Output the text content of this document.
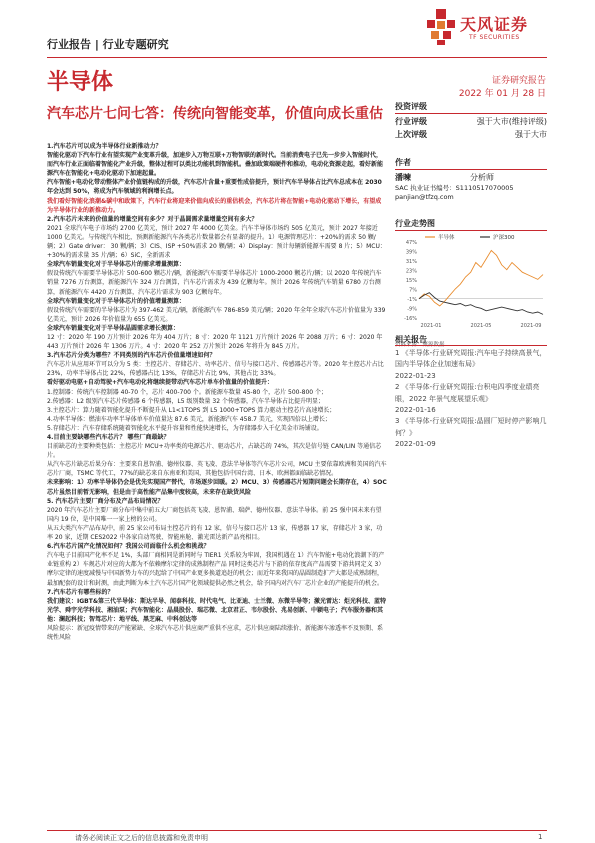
行业报告 | 行业专题研究
天风证券
TF SECURITIES
半导体	证券研究报告
2022 年 01 月 28 日
汽车芯片七问七答：传统向智能变革，价值向成长重估

1.汽车芯片可以成为半导体行业新推动力？

智能化驱动下汽车行业有望实现产业变革升级，加速步入万物互联+万物智联的新时代。当前消费电子已先一步步入智能时代，而汽车行业正面临着智能化产业升级，整体过程可以类比功能机到智能机。叠加政策端硬件和推动，电动化资源走起，看好新能源汽车在智能化+电动化驱动下加速起量。

汽车智能+电动化带动整体产业价值链构成的升级，汽车芯片含量+重要性成倍提升，预计汽车半导体占比汽车总成本在 2030 年会达到 50%，将成为汽车领域的利润增长点。

我们看好智能化浪潮&碳中和政策下，汽车行业将迎来价值向成长的重估机会，汽车芯片将在智能+电动化驱动下增长，有望成为半导体行业的新推动力。

2.汽车芯片未来的价值量的增量空间有多少？对于晶圆需求量增量空间有多大？

2021 全球汽车电子市场约 2700 亿美元，预计 2027 年 4000 亿美金。汽车半导体市场约 505 亿美元，预计 2027 年接近 1000 亿美元。与传统汽车相比，预测新能源汽车各类芯片数量都会有显著的提升。1）电源管理芯片：+20%的需求 50 颗/辆；2）Gate driver： 30 颗/辆；3）CIS、ISP +50%需求 20 颗/辆；4）Display：预计每辆新能源车需要 8 片；5）MCU：+30%的需求量 35 片/辆；6）SiC，全新需求

全球汽车销量变化对于半导体芯片的需求增量测算：

假设传统汽车需要半导体芯片 500-600 颗芯片/辆，新能源汽车需要半导体芯片 1000-2000 颗芯片/辆；以 2020 年传统汽车销量 7276 万台测算，新能源汽车 324 万台测算，汽车芯片需求为 439 亿颗每年。预计 2026 年传统汽车销量 6780 万台测算，新能源汽车 4420 万台测算，汽车芯片需求为 903 亿颗每年。

全球汽车销量变化对于半导体芯片的价值增量测算：

假设传统汽车需要的半导体芯片为 397-462 美元/辆，新能源汽车 786-859 美元/辆；2020 年全年全球汽车芯片价值量为 339 亿美元，预计 2026 年价值量为 655 亿美元。

全球汽车销量变化对于半导体晶圆需求增长测算：

12 寸：2020 年 190 万片预计 2026 年为 404 万片；8 寸：2020 年 1121 万片预计 2026 年 2088 万片；6 寸：2020 年 443 万片预计 2026 年 1306 万片。4 寸：2020 年 252 万片预计 2026 年将升为 845 万片。

3.汽车芯片分类为哪些？不同类别的汽车芯片价值量增速如何？

汽车芯片从应用环节可以分为 5 类：主控芯片、存储芯片、功率芯片、信号与接口芯片、传感器芯片等。2020 年主控芯片占比 23%，功率半导体占比 22%，传感器占比 13%，存储芯片占比 9%，其他占比 33%。

看好驱动电驱+自动驾驶+汽车电动化将继续提带动汽车芯片单车价值量的价值提升：

1.控制器：传统汽车控制器 40-70 个，芯片 400-700 个。新能源车数量 45-80 个，芯片 500-800 个；

2.传感器：L2 级别汽车芯片传感器 6 个传感器，L5 级别数量 32 个传感器，汽车半导体占比提升明显；

3.主控芯片：算力随着智能化提升不断提升从 L1<1TOPS 到 L5 1000+TOPS 算力驱动主控芯片高速增长；

4.功率半导体：燃油车功率半导体单车价值量达 87.6 美元，新能源汽车 458.7 美元，实现四倍以上增长；

5.存储芯片：汽车存储系统随着智能化水平提升容量和性能快速增长，为存储器步入千亿美金市场铺设。

4.目前主要缺哪些汽车芯片？ 哪些厂商最缺？

目前缺芯的主要种类包括：主控芯片 MCU+功率类的电源芯片、驱动芯片，占缺芯的 74%，其次是信号链 CAN/LIN 等通信芯片。

从汽车芯片缺芯后果分布：主要来自恩智浦、德州仪器、英飞凌、意法半导体等汽车芯片公司，MCU 主要依靠欧洲和美国的汽车芯片厂商，TSMC 等代工，77%的缺芯来自东南亚和美国，其他包括中国台湾、日本、欧洲都面临缺芯情况。

未来影响：1）功率半导体仍会是优先实现国产替代，市场逐步回暖。2）MCU、3）传感器芯片短期问题会长期存在，4）SOC 芯片虽然目前暂无影响，但是由于高性能产品集中度较高，未来存在缺货风险

5. 汽车芯片主要厂商分布及产品布局情况？

2020 年汽车芯片主要厂商分布中集中前五大厂商包括英飞凌、恩智浦、瑞萨、德州仪器、意法半导体。前 25 强中国未来有望国内 19 位，是中国唯一一家上榜的公司。

从五大类汽车产品布局中，前 25 家公司布局主控芯片的有 12 家，信号与接口芯片 13 家，传感器 17 家，存储芯片 3 家，功率 20 家，近期 CES2022 中各家自动驾驶、智能座舱、激光雷达新产品亮相目。

6.汽车芯片国产化情况如何？我国公司面临什么机会和挑战？

汽车电子目前国产化率不足 1%，头部厂商相同是新同时与 TIER1 关系较为牢固，我国机遇在 1）汽车智能+电动化浪潮下的产业链重构 2）车规芯片对应的大都为不依赖摩尔定律的成熟制程产品 同时这类芯片与下游的依存度高产品需要下游共同定义 3）摩尔定律的速度减慢与中国新势力车的兴起给了中国产业更多换道追赶的机会；而近年来我国的晶圆制造扩产大都是成熟制程，最加配套的设计和封测，由此判断为本土汽车芯片国产化领域提供必然之机会，给予国内对汽车厂芯片企业的产能提升的机会。

7.汽车芯片有哪些标的？

我们建议：IGBT&第三代半导体：斯达半导、闻泰科技、时代电气、比亚迪、士兰微、东微半导等；激光雷达：炬光科技、蓝特光学、舜宇光学科技、湘油泵；汽车智能化：晶晨股份、瑞芯微、北京君正、韦尔股份、兆易创新、中颖电子；汽车服务器和其他：澜起科技；智驾芯片：地平线、黑芝麻、中科创达等

风险提示：新冠疫情带来的产能紧缺、全球汽车芯片供应商严重供不应求，芯片供应商陆续涨价、新能源车渗透率不及预期、系统性风险

投资评级
行业评级	强于大市(维持评级)
上次评级	强于大市
作者
潘暕	分析师
SAC 执业证书编号：S1110517070005
panjian@tfzq.com
行业走势图
47%
39%
31%
23%
15%
7%
-1%
-9%
-16%
2021-01	2021-05	2021-09
半导体	沪深300
相关报告
1 《半导体-行业研究周报:汽车电子持续高景气，国内半导体企业加速布局》
2022-01-23
2 《半导体-行业研究周报:台积电四季度业绩亮眼，2022 年景气度展望乐观》
2022-01-16
3 《半导体-行业研究周报:晶圆厂短时停产影响几何？》
2022-01-09
请务必阅读正文之后的信息披露和免责申明	1
